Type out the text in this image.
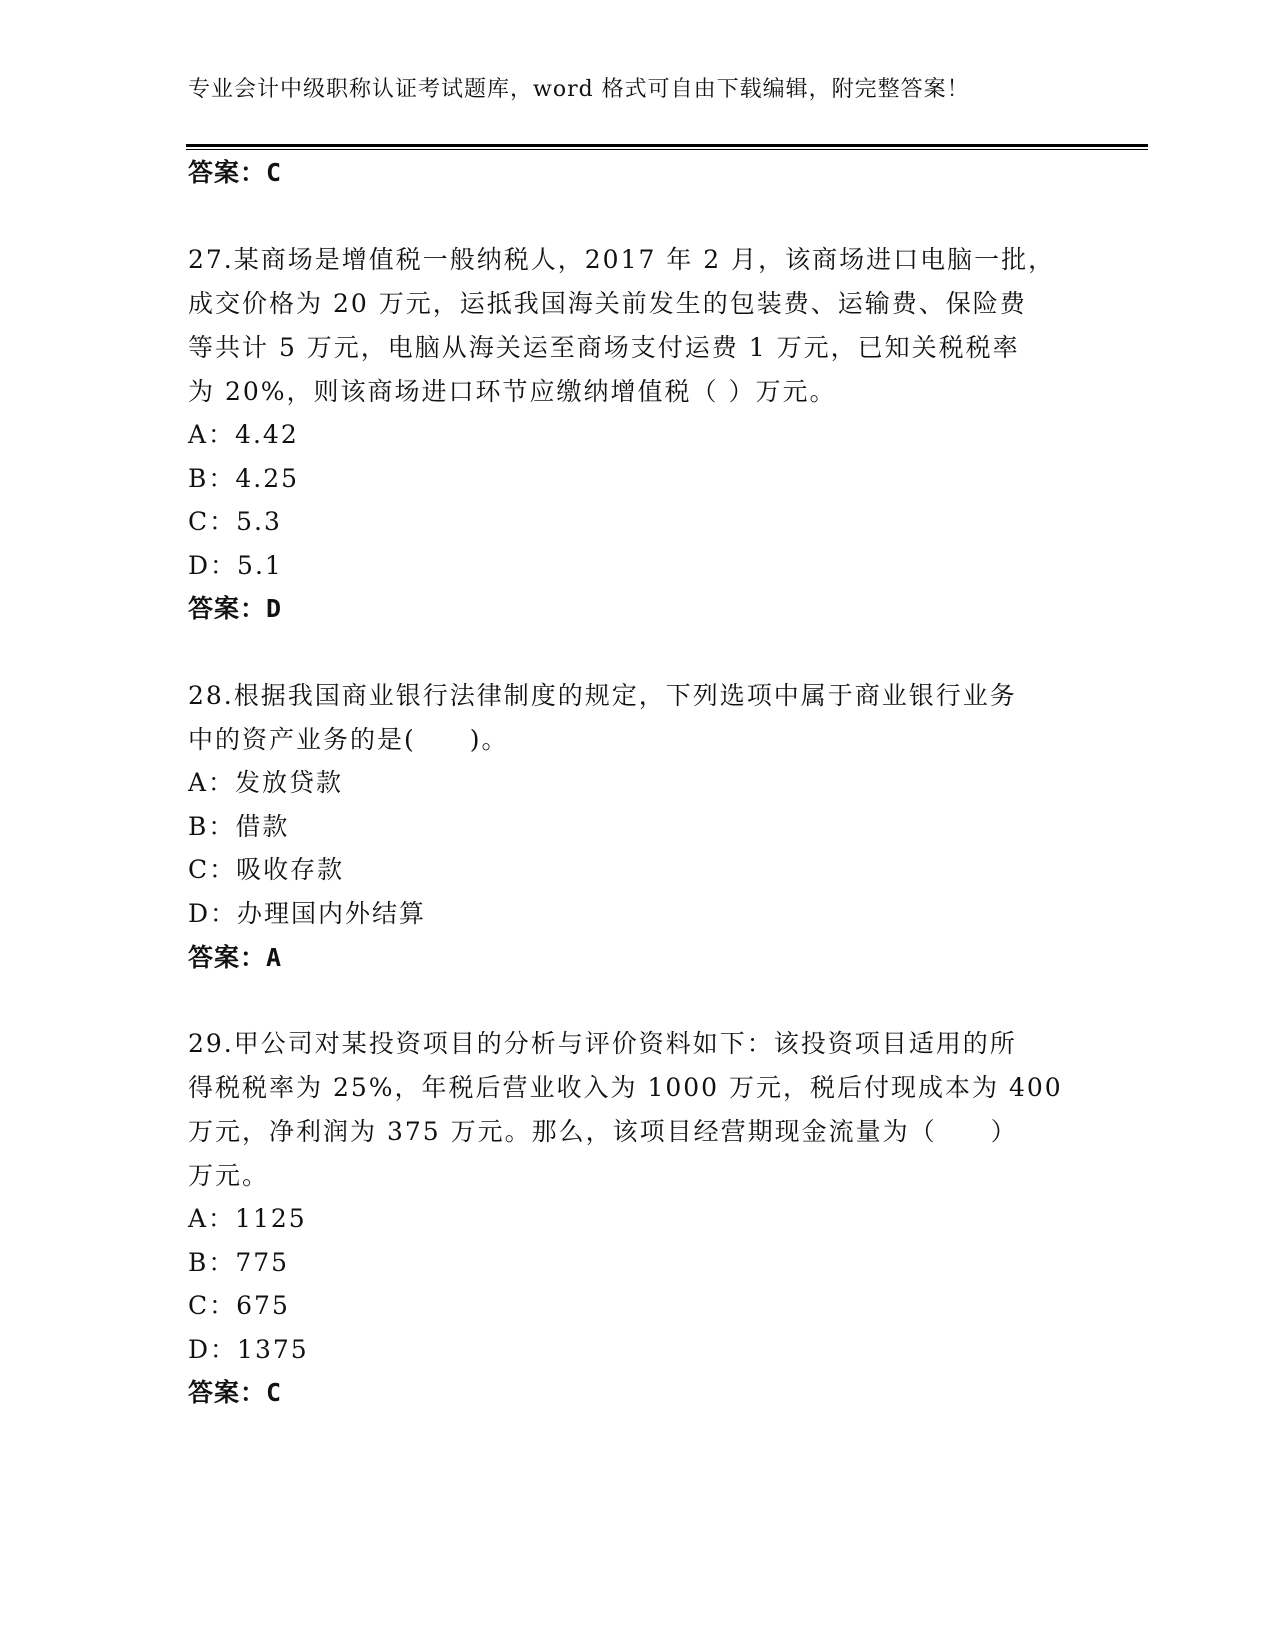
专业会计中级职称认证考试题库，word 格式可自由下载编辑，附完整答案！
答案：C
27.某商场是增值税一般纳税人，2017 年 2 月，该商场进口电脑一批，
成交价格为 20 万元，运抵我国海关前发生的包装费、运输费、保险费
等共计 5 万元，电脑从海关运至商场支付运费 1 万元，已知关税税率
为 20%，则该商场进口环节应缴纳增值税（ ）万元。
A：4.42
B：4.25
C：5.3
D：5.1
答案：D
28.根据我国商业银行法律制度的规定，下列选项中属于商业银行业务
中的资产业务的是(　　)。
A：发放贷款
B：借款
C：吸收存款
D：办理国内外结算
答案：A
29.甲公司对某投资项目的分析与评价资料如下：该投资项目适用的所
得税税率为 25%，年税后营业收入为 1000 万元，税后付现成本为 400
万元，净利润为 375 万元。那么，该项目经营期现金流量为（　　）
万元。
A：1125
B：775
C：675
D：1375
答案：C
